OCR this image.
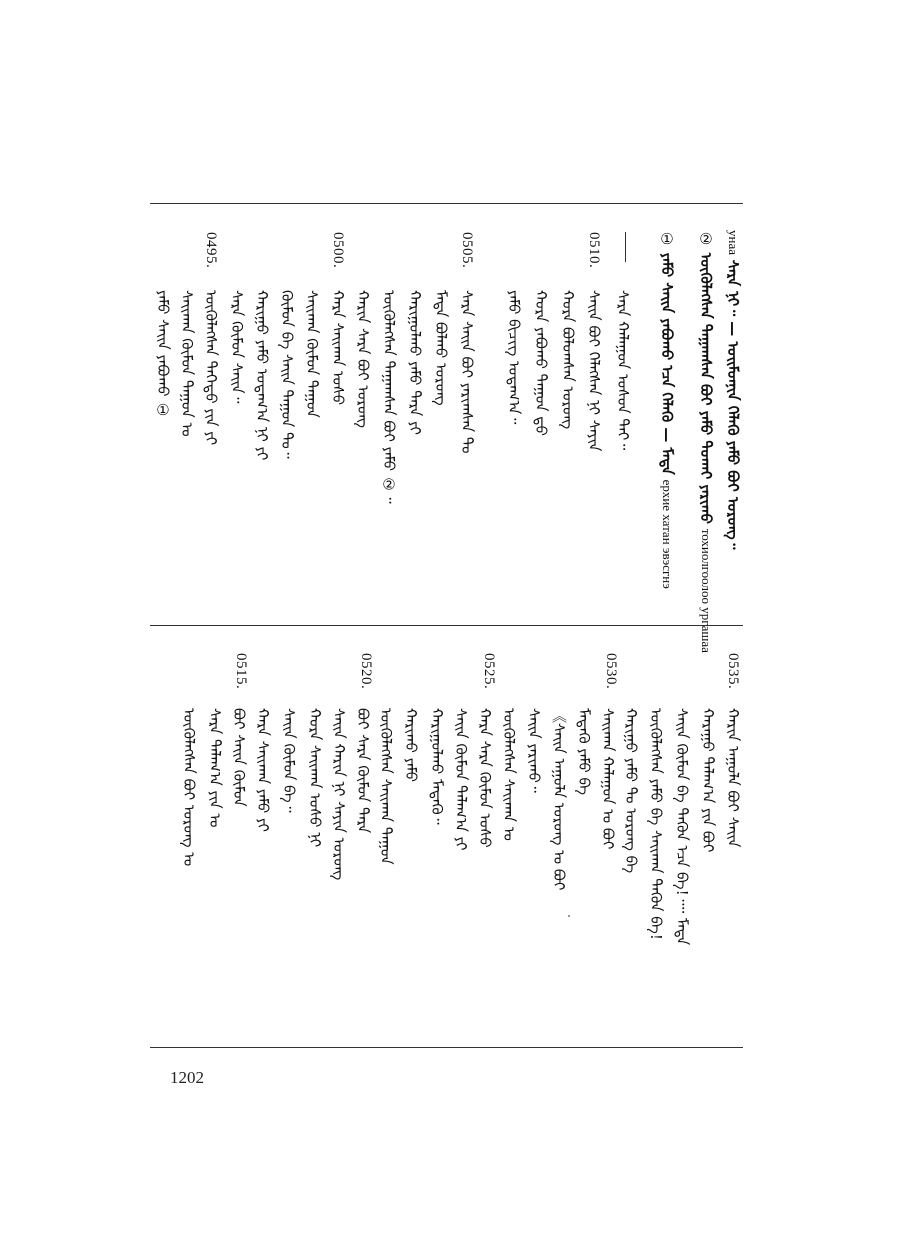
yнaa ᠰᠠᠷᠠ ᠨᠢ᠃ — ᠤᠢᠮᠦᠨᠨᠢᠨ ᠬᠡᠯᠡᠬᠦ ᠶᠠᠮᠤ ᠪᠤᠢ ᠤᠷᠤᠩ᠃
② ᠦᠭᠦᠯᠡᠭᠰᠡᠨ ᠳᠠᠭᠠᠭᠰᠠᠨ ᠪᠤᠢ ᠶᠠᠮᠤ ᠲᠤᠬᠠᠢ ᠶᠠᠷᠢᠬᠤ тохиолгоолоо ургашаа
① ᠶᠠᠮᠤ ᠰᠠᠢᠨ ᠶᠠᠪᠤᠬᠤ ᠡᠴᠡ ᠬᠡᠯᠡᠬᠦ — ᠮᠡᠳᠡ ерхие хатан эвэсгнэ
0510.
ᠰᠠᠷᠠ ᠬᠠᠯᠠᠭᠤᠨ ᠤᠰᠤᠨ ᠲᠠᠢ᠃
ᠰᠠᠢᠨ ᠪᠤᠢ ᠬᠡᠯᠡᠭᠰᠡᠨ ᠨᠢ ᠰᠠᠶᠢᠨ
ᠬᠤᠷᠠ ᠪᠤᠯᠤᠭᠰᠠᠨ ᠤᠷᠤᠩ
ᠬᠤᠷᠠ ᠶᠠᠪᠤᠬᠤ ᠳᠠᠭᠤᠨ ᠳ᠋ᠤ
ᠶᠠᠮᠤ ᠪᠢᠴᠢᠭ ᠤᠳᠠᠭ᠎ᠠ᠃
0505.
ᠰᠠᠷᠠ ᠰᠠᠢᠨ ᠪᠤᠢ ᠶᠠᠷᠢᠭᠰᠠᠨ ᠲᠤ
ᠮᠡᠳᠡ ᠪᠤᠯᠬᠤ ᠤᠷᠤᠩ
ᠬᠠᠷᠢᠭᠤᠯᠬᠤ ᠶᠠᠮᠤ ᠲᠡᠷᠡ ᠶᠢ
ᠦᠭᠦᠯᠡᠭᠰᠡᠨ ᠳᠠᠭᠠᠭᠰᠠᠨ ᠪᠤᠢ ᠶᠠᠮᠤ ②᠃
ᠬᠠᠷᠢᠨ ᠰᠠᠷᠠ ᠪᠤᠢ ᠤᠷᠤᠩ
0500.
ᠬᠠᠷᠠ ᠰᠠᠢᠬᠠᠨ ᠤᠰᠤ
ᠰᠠᠢᠬᠠᠨ ᠬᠦᠮᠦᠨ ᠳᠠᠭᠤᠨ
ᠬᠦᠮᠦᠨ ᠪᠡ ᠰᠠᠢᠨ ᠳᠠᠭᠤᠨ ᠲᠤ᠃
ᠬᠠᠷᠢᠭᠤ ᠶᠠᠮᠤ ᠤᠳᠠᠭ᠎ᠠ ᠨᠢ ᠶᠢ
ᠰᠠᠷᠠ ᠬᠦᠮᠦᠨ ᠰᠠᠢᠨ᠃
0495.
ᠦᠭᠦᠯᠡᠭᠰᠡᠨ ᠲᠡᠭᠡᠳᠦ ᠶᠢᠨ ᠶᠢ
ᠰᠠᠢᠬᠠᠨ ᠬᠦᠮᠦᠨ ᠳᠠᠭᠤᠨ ᠤ
ᠶᠠᠮᠤ ᠰᠠᠢᠨ ᠶᠠᠪᠤᠬᠤ ①
0535.
ᠬᠠᠷᠢᠨ ᠠᠭᠤᠯᠠ ᠪᠤᠢ ᠰᠠᠢᠨ
ᠬᠠᠷᠠᠭᠤ ᠲᠠᠯᠠᠭ᠎ᠠ ᠶᠢᠨ ᠪᠤᠢ
ᠰᠠᠢᠨ ᠬᠦᠮᠦᠨ ᠪᠡ ᠲᠡᠭᠦᠨ ᠡᠴᠡ ᠪᠠ!᠁ ᠮᠡᠳᠡ
ᠦᠭᠦᠯᠡᠭᠰᠡᠨ ᠶᠠᠮᠤ ᠪᠡ ᠰᠠᠢᠬᠠᠨ ᠲᠡᠭᠦᠨ ᠪᠠ!
0530.
ᠬᠠᠷᠢᠭᠤ ᠶᠠᠮᠤ ᠲᠤ ᠤᠷᠤᠩ ᠪᠡ
ᠰᠠᠢᠬᠠᠨ ᠬᠠᠯᠠᠭᠤᠨ ᠤ ᠪᠤᠢ
ᠮᠡᠳᠡᠬᠦ ᠶᠠᠮᠤ ᠪᠠ
《ᠰᠠᠢᠨ ᠠᠭᠤᠯᠠ ᠤᠷᠤᠩ ᠤ ᠪᠤᠢ
ᠰᠠᠢᠨ ᠶᠠᠷᠢᠬᠤ᠃
0525.
ᠦᠭᠦᠯᠡᠭᠰᠡᠨ ᠰᠠᠢᠬᠠᠨ ᠤ
ᠬᠠᠷᠠ ᠰᠠᠷᠠ ᠬᠦᠮᠦᠨ ᠤᠰᠤ
ᠰᠠᠢᠨ ᠬᠦᠮᠦᠨ ᠲᠠᠯᠠᠭ᠎ᠠ ᠶᠢ
ᠬᠠᠷᠢᠭᠤᠯᠬᠤ ᠮᠡᠳᠡᠬᠦ᠃
ᠬᠠᠷᠢᠬᠤ ᠶᠠᠮᠤ
0520.
ᠦᠭᠦᠯᠡᠭᠰᠡᠨ ᠰᠠᠢᠬᠠᠨ ᠳᠠᠭᠤᠨ
ᠪᠤᠢ ᠰᠠᠷᠠ ᠬᠦᠮᠦᠨ ᠲᠡᠷᠡ
ᠰᠠᠢᠨ ᠬᠠᠷᠢᠨ ᠨᠢ ᠰᠠᠶᠢᠨ ᠤᠷᠤᠩ
ᠬᠤᠷᠠ ᠰᠠᠢᠬᠠᠨ ᠤᠰᠤ ᠨᠢ
ᠰᠠᠢᠨ ᠬᠦᠮᠦᠨ ᠪᠡ᠃
0515.
ᠬᠠᠷᠠ ᠰᠠᠢᠬᠠᠨ ᠶᠠᠮᠤ ᠶᠢ
ᠪᠤᠢ ᠰᠠᠢᠨ ᠬᠦᠮᠦᠨ
ᠰᠠᠷᠠ ᠲᠠᠯᠠᠭ᠎ᠠ ᠶᠢᠨ ᠤ
ᠦᠭᠦᠯᠡᠭᠰᠡᠨ ᠪᠤᠢ ᠤᠷᠤᠩ ᠤ
1202
